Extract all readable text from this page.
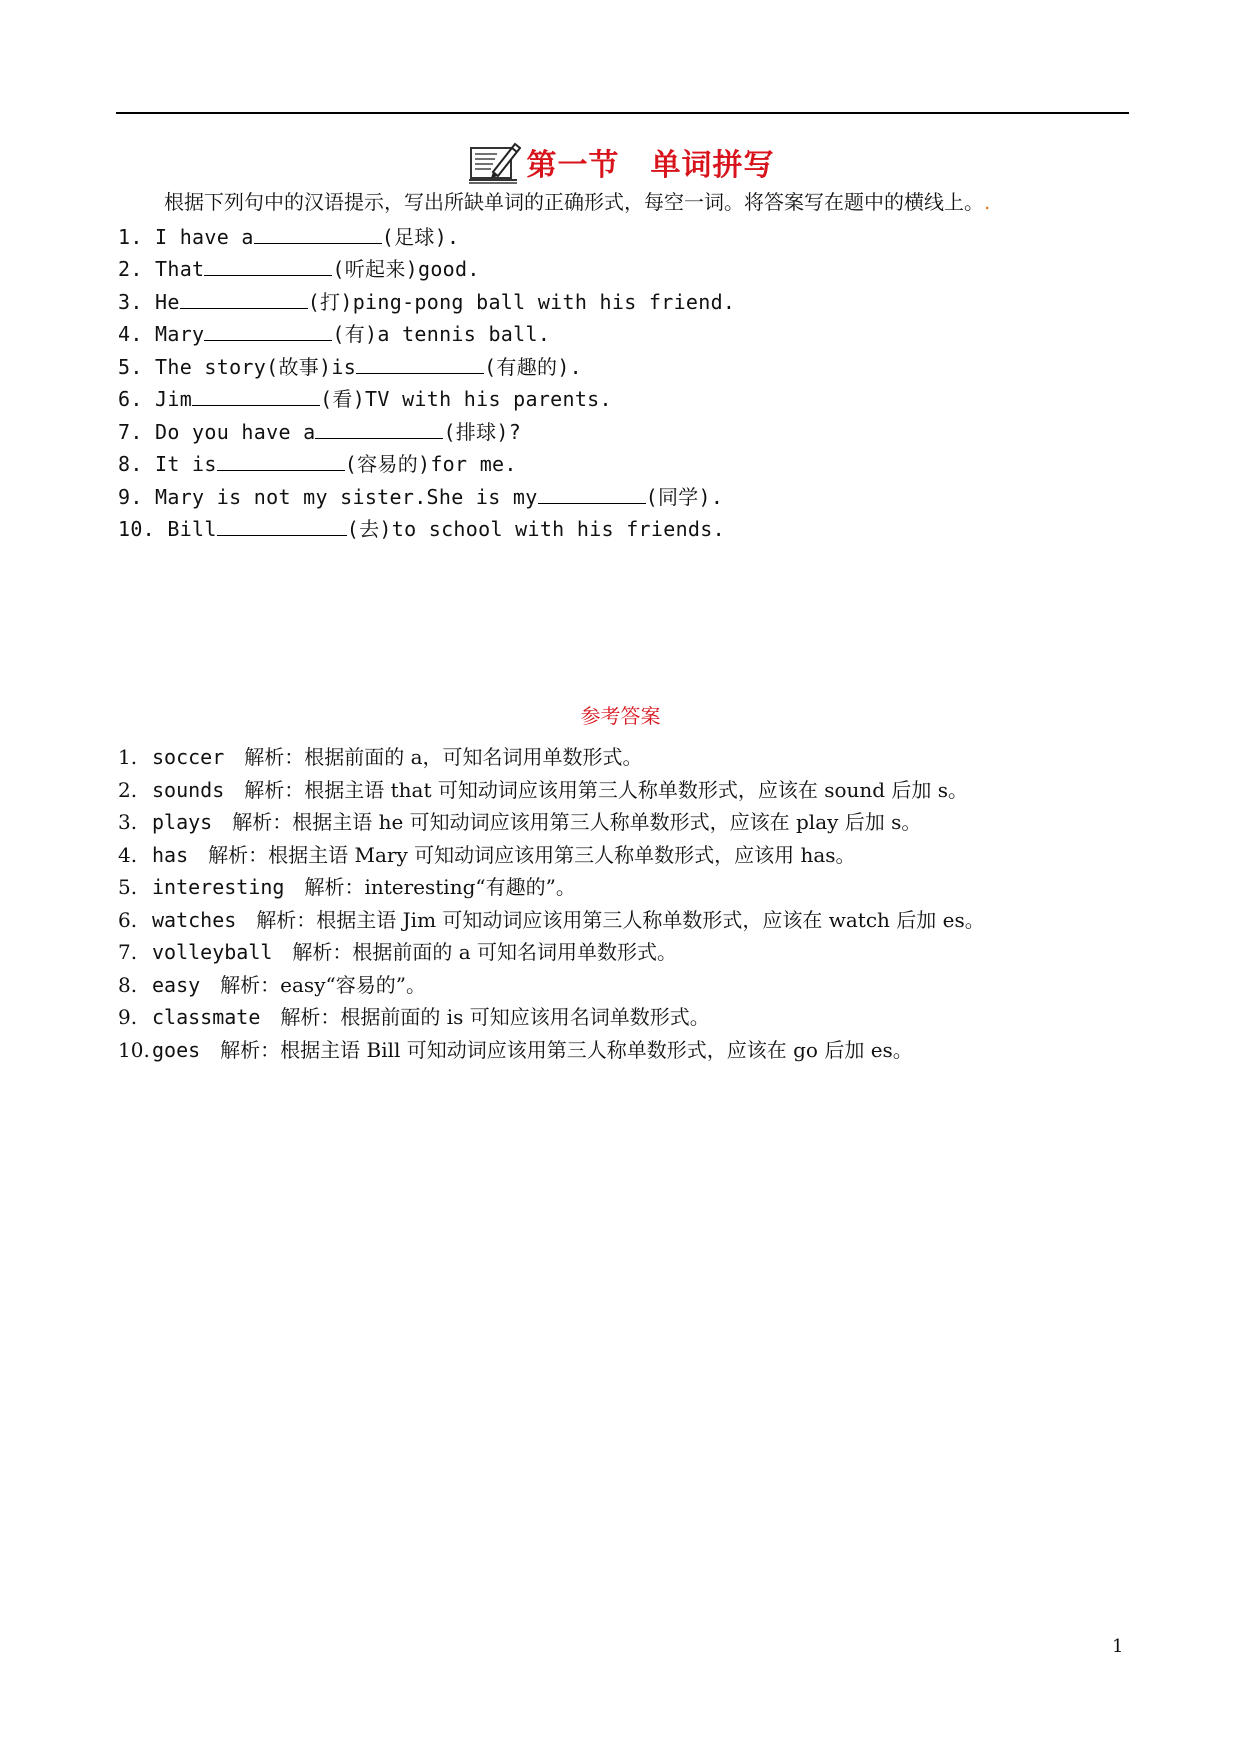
第一节　单词拼写
根据下列句中的汉语提示，写出所缺单词的正确形式，每空一词。将答案写在题中的横线上。.
1. I have a	(足球).
2. That	(听起来)good.
3. He	(打)ping-pong ball with his friend.
4. Mary	(有)a tennis ball.
5. The story(故事)is	(有趣的).
6. Jim	(看)TV with his parents.
7. Do you have a	(排球)?
8. It is	(容易的)for me.
9. Mary is not my sister.She is my	(同学).
10. Bill	(去)to school with his friends.
参考答案
1. soccer 解析：根据前面的 a，可知名词用单数形式。
2. sounds 解析：根据主语 that 可知动词应该用第三人称单数形式，应该在 sound 后加 s。
3. plays 解析：根据主语 he 可知动词应该用第三人称单数形式，应该在 play 后加 s。
4. has 解析：根据主语 Mary 可知动词应该用第三人称单数形式，应该用 has。
5. interesting 解析：interesting“有趣的”。
6. watches 解析：根据主语 Jim 可知动词应该用第三人称单数形式，应该在 watch 后加 es。
7. volleyball 解析：根据前面的 a 可知名词用单数形式。
8. easy 解析：easy“容易的”。
9. classmate 解析：根据前面的 is 可知应该用名词单数形式。
10. goes 解析：根据主语 Bill 可知动词应该用第三人称单数形式，应该在 go 后加 es。
1
